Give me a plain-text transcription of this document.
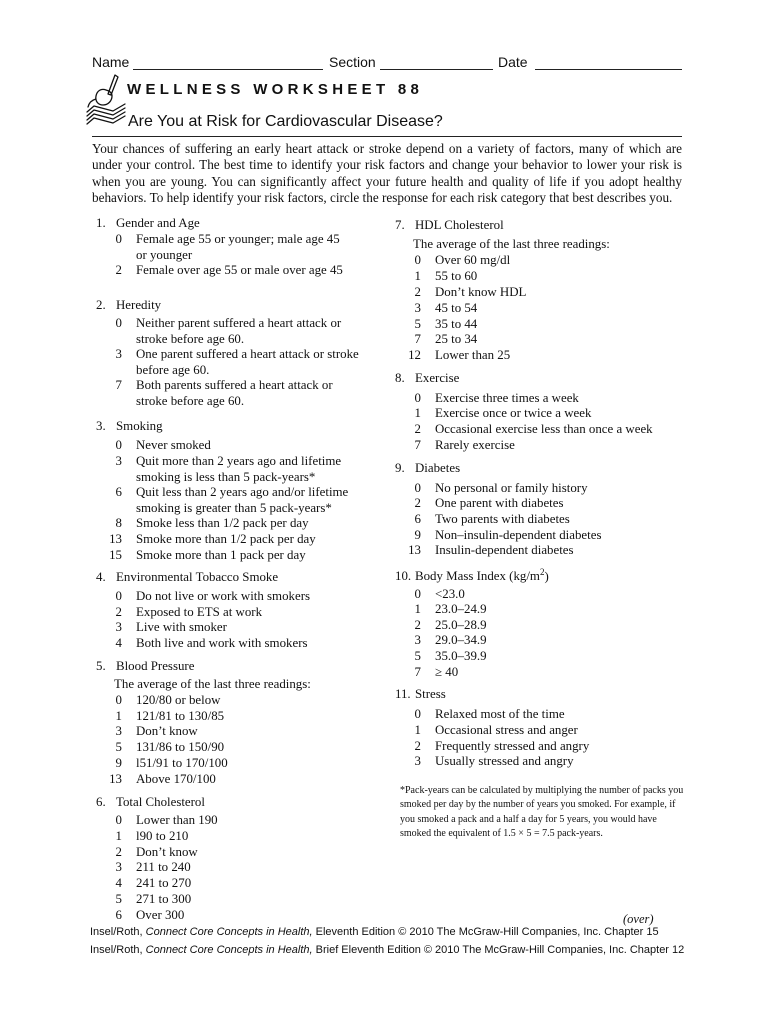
Name	Section	Date
WELLNESS WORKSHEET 88
Are You at Risk for Cardiovascular Disease?
Your chances of suffering an early heart attack or stroke depend on a variety of factors, many of which are under your control. The best time to identify your risk factors and change your behavior to lower your risk is when you are young. You can significantly affect your future health and quality of life if you adopt healthy behaviors. To help identify your risk factors, circle the response for each risk category that best describes you.
1. Gender and Age
0 Female age 55 or younger; male age 45
or younger
2 Female over age 55 or male over age 45
2. Heredity
0 Neither parent suffered a heart attack or
stroke before age 60.
3 One parent suffered a heart attack or stroke
before age 60.
7 Both parents suffered a heart attack or
stroke before age 60.
3. Smoking
0 Never smoked
3 Quit more than 2 years ago and lifetime
smoking is less than 5 pack-years*
6 Quit less than 2 years ago and/or lifetime
smoking is greater than 5 pack-years*
8 Smoke less than 1/2 pack per day
13 Smoke more than 1/2 pack per day
15 Smoke more than 1 pack per day
4. Environmental Tobacco Smoke
0 Do not live or work with smokers
2 Exposed to ETS at work
3 Live with smoker
4 Both live and work with smokers
5. Blood Pressure
The average of the last three readings:
0 120/80 or below
1 121/81 to 130/85
3 Don’t know
5 131/86 to 150/90
9 l51/91 to 170/100
13 Above 170/100
6. Total Cholesterol
0 Lower than 190
1 l90 to 210
2 Don’t know
3 211 to 240
4 241 to 270
5 271 to 300
6 Over 300
7. HDL Cholesterol
The average of the last three readings:
0 Over 60 mg/dl
1 55 to 60
2 Don’t know HDL
3 45 to 54
5 35 to 44
7 25 to 34
12 Lower than 25
8. Exercise
0 Exercise three times a week
1 Exercise once or twice a week
2 Occasional exercise less than once a week
7 Rarely exercise
9. Diabetes
0 No personal or family history
2 One parent with diabetes
6 Two parents with diabetes
9 Non–insulin-dependent diabetes
13 Insulin-dependent diabetes
10. Body Mass Index $(kg/m^2)$
0 <23.0
1 23.0–24.9
2 25.0–28.9
3 29.0–34.9
5 35.0–39.9
7 ≥ 40
11. Stress
0 Relaxed most of the time
1 Occasional stress and anger
2 Frequently stressed and angry
3 Usually stressed and angry
*Pack-years can be calculated by multiplying the number of packs you smoked per day by the number of years you smoked. For example, if you smoked a pack and a half a day for 5 years, you would have smoked the equivalent of 1.5 × 5 = 7.5 pack-years.
(over)
Insel/Roth, Connect Core Concepts in Health, Eleventh Edition © 2010 The McGraw-Hill Companies, Inc. Chapter 15
Insel/Roth, Connect Core Concepts in Health, Brief Eleventh Edition © 2010 The McGraw-Hill Companies, Inc. Chapter 12
